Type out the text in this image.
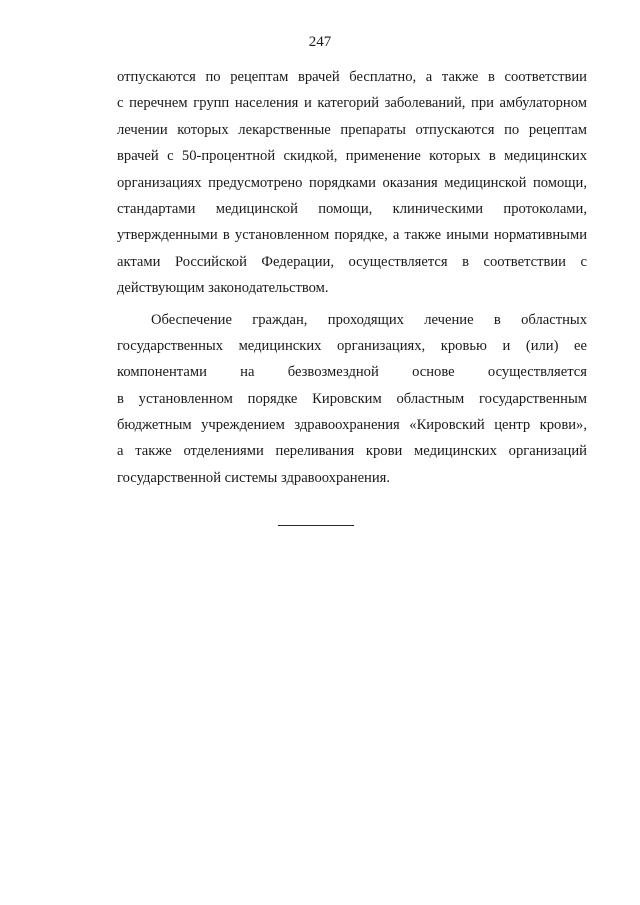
247
отпускаются по рецептам врачей бесплатно, а также в соответствии
с перечнем групп населения и категорий заболеваний, при амбулаторном
лечении которых лекарственные препараты отпускаются по рецептам
врачей с 50-процентной скидкой, применение которых в медицинских
организациях предусмотрено порядками оказания медицинской помощи,
стандартами медицинской помощи, клиническими протоколами,
утвержденными в установленном порядке, а также иными нормативными
актами Российской Федерации, осуществляется в соответствии с
действующим законодательством.
Обеспечение граждан, проходящих лечение в областных
государственных медицинских организациях, кровью и (или) ее
компонентами на безвозмездной основе осуществляется
в установленном порядке Кировским областным государственным
бюджетным учреждением здравоохранения «Кировский центр крови»,
а также отделениями переливания крови медицинских организаций
государственной системы здравоохранения.
